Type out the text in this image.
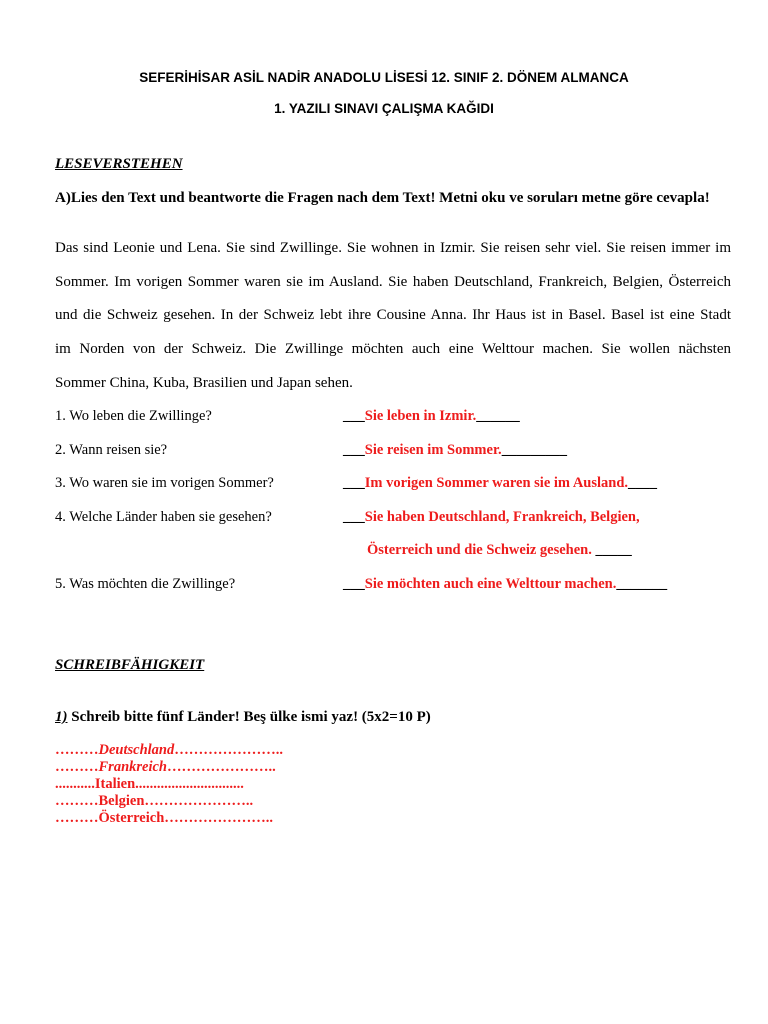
SEFERİHİSAR ASİL NADİR ANADOLU LİSESİ 12. SINIF 2. DÖNEM ALMANCA
1. YAZILI SINAVI ÇALIŞMA KAĞIDI
LESEVERSTEHEN
A)Lies den Text und beantworte die Fragen nach dem Text! Metni oku ve soruları metne göre cevapla!
Das sind Leonie und Lena. Sie sind Zwillinge. Sie wohnen in Izmir. Sie reisen sehr viel. Sie reisen immer im
Sommer. Im vorigen Sommer waren sie im Ausland. Sie haben Deutschland, Frankreich, Belgien, Österreich
und die Schweiz gesehen. In der Schweiz lebt ihre Cousine Anna. Ihr Haus ist in Basel. Basel ist eine Stadt
im Norden von der Schweiz. Die Zwillinge möchten auch eine Welttour machen. Sie wollen nächsten
Sommer China, Kuba, Brasilien und Japan sehen.
1. Wo leben die Zwillinge?	___Sie leben in Izmir.______
2. Wann reisen sie?	___Sie reisen im Sommer._________
3. Wo waren sie im vorigen Sommer?	___Im vorigen Sommer waren sie im Ausland.____
4. Welche Länder haben sie gesehen?	___Sie haben Deutschland, Frankreich, Belgien,
Österreich und die Schweiz gesehen. _____
5. Was möchten die Zwillinge?	___Sie möchten auch eine Welttour machen._______
SCHREIBFÄHIGKEIT
1) Schreib bitte fünf Länder! Beş ülke ismi yaz! (5x2=10 P)
………Deutschland…………………..
………Frankreich…………………..
...........Italien..............................
………Belgien…………………..
………Österreich…………………..
